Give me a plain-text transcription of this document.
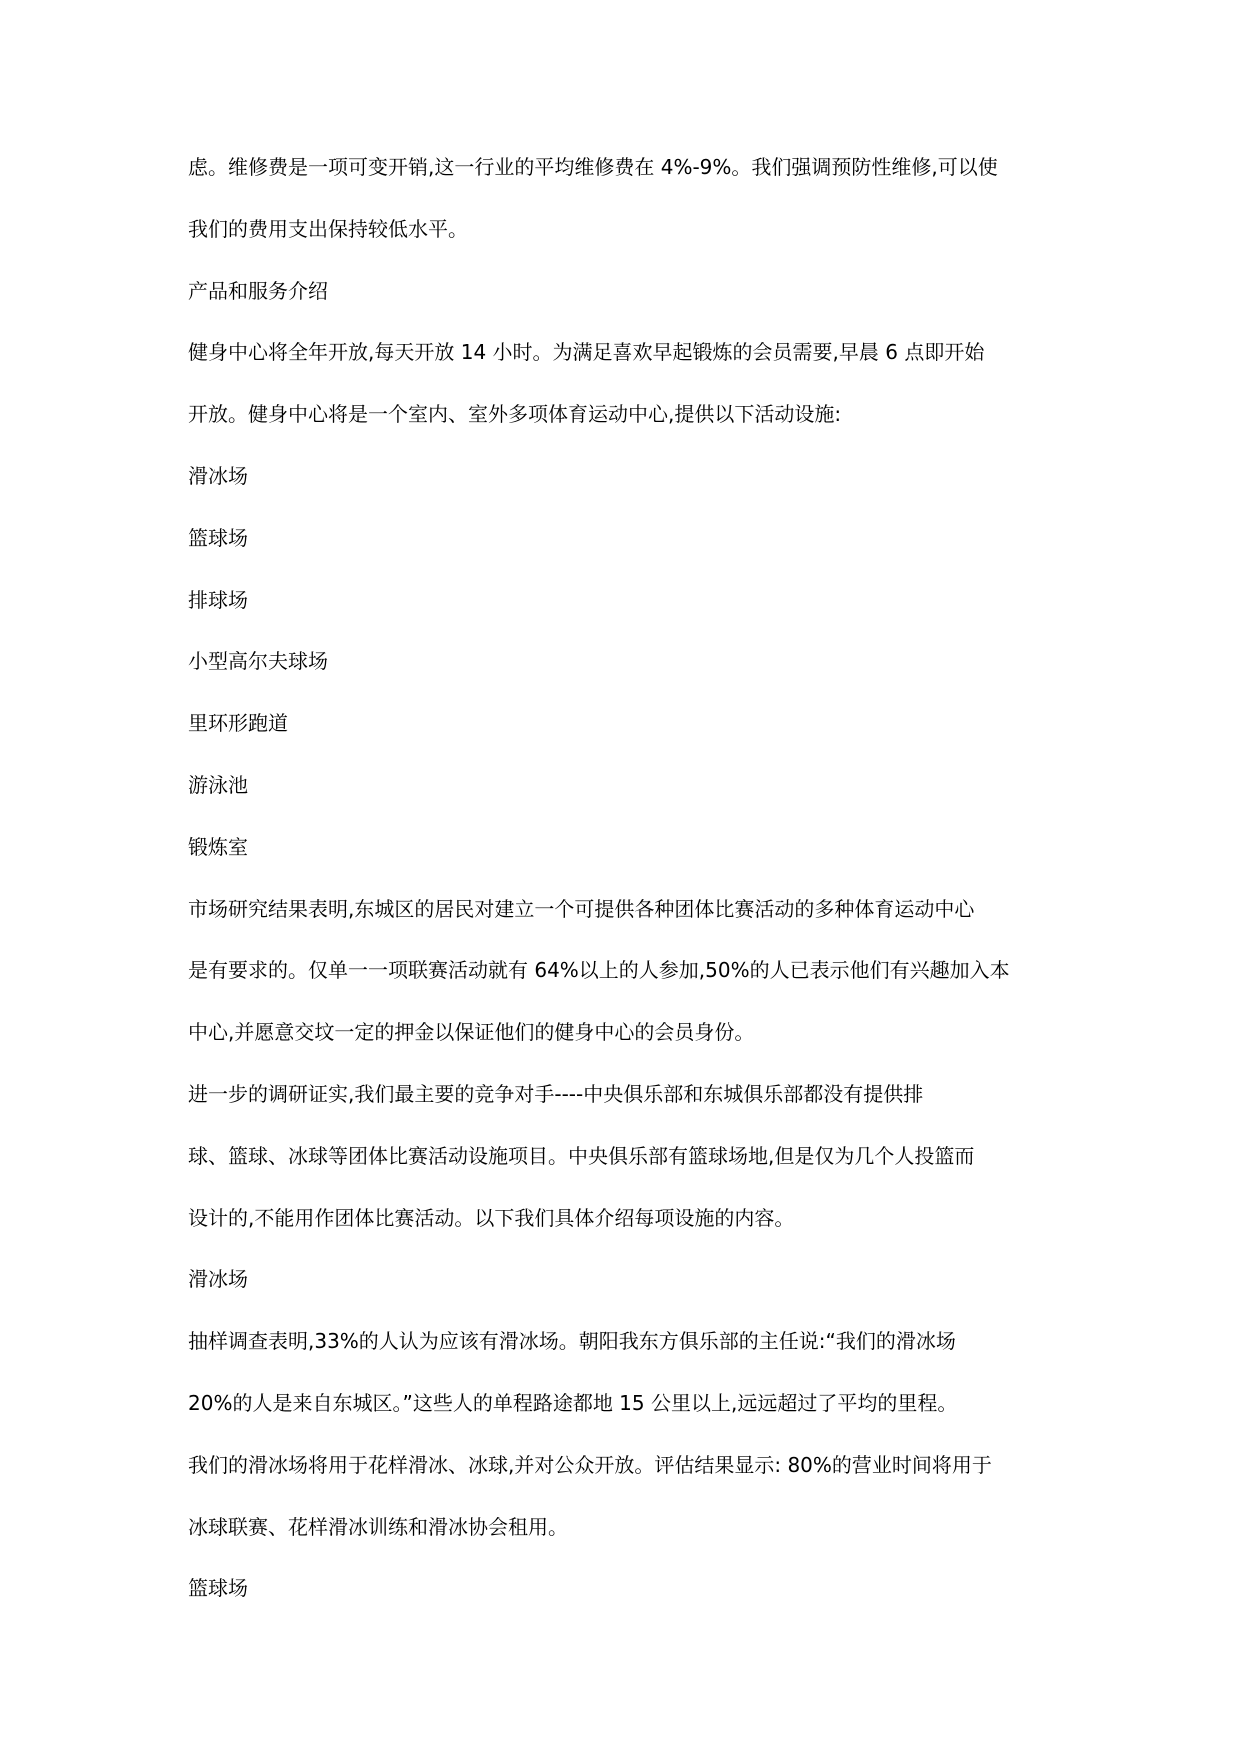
虑。维修费是一项可变开销,这一行业的平均维修费在 4%-9%。我们强调预防性维修,可以使
我们的费用支出保持较低水平。
产品和服务介绍
健身中心将全年开放,每天开放 14 小时。为满足喜欢早起锻炼的会员需要,早晨 6 点即开始
开放。健身中心将是一个室内、室外多项体育运动中心,提供以下活动设施:
滑冰场
篮球场
排球场
小型高尔夫球场
里环形跑道
游泳池
锻炼室
市场研究结果表明,东城区的居民对建立一个可提供各种团体比赛活动的多种体育运动中心
是有要求的。仅单一一项联赛活动就有 64%以上的人参加,50%的人已表示他们有兴趣加入本
中心,并愿意交坟一定的押金以保证他们的健身中心的会员身份。
进一步的调研证实,我们最主要的竞争对手----中央俱乐部和东城俱乐部都没有提供排
球、篮球、冰球等团体比赛活动设施项目。中央俱乐部有篮球场地,但是仅为几个人投篮而
设计的,不能用作团体比赛活动。以下我们具体介绍每项设施的内容。
滑冰场
抽样调查表明,33%的人认为应该有滑冰场。朝阳我东方俱乐部的主任说:“我们的滑冰场
20%的人是来自东城区。”这些人的单程路途都地 15 公里以上,远远超过了平均的里程。
我们的滑冰场将用于花样滑冰、冰球,并对公众开放。评估结果显示: 80%的营业时间将用于
冰球联赛、花样滑冰训练和滑冰协会租用。
篮球场
